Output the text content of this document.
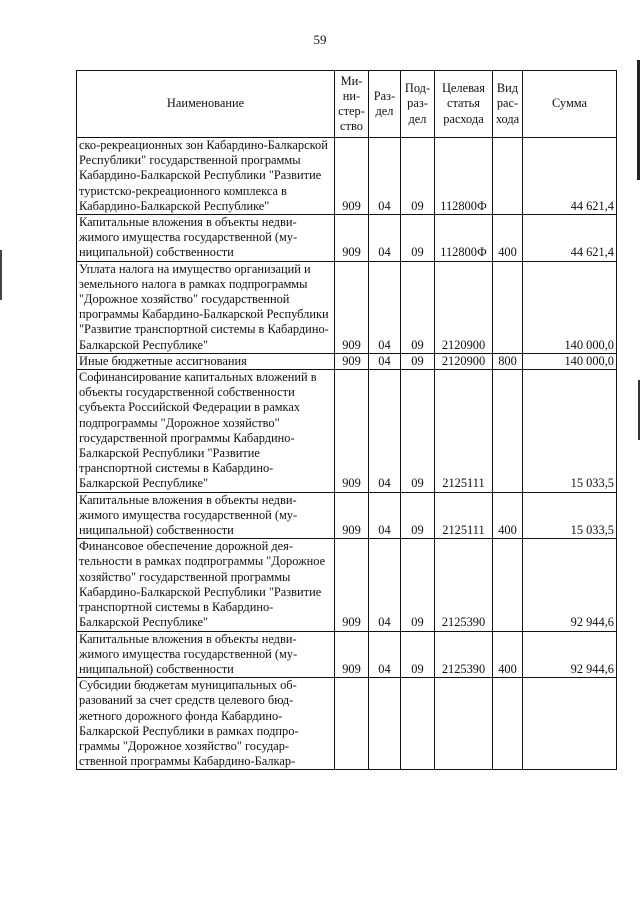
59
Наименование	Ми-
ни-
стер-
ство	Раз-
дел	Под-
раз-
дел	Целевая
статья
расхода	Вид
рас-
хода	Сумма
ско-рекреационных зон Кабардино-Балкарской Республики" государственной программы Кабардино-Балкарской Республики "Развитие туристско-рекреационного комплекса в Кабардино-Балкарской Республике"	909	04	09	112800Ф		44 621,4
Капитальные вложения в объекты недвижимого имущества государственной (муниципальной) собственности	909	04	09	112800Ф	400	44 621,4
Уплата налога на имущество организаций и земельного налога в рамках подпрограммы "Дорожное хозяйство" государственной программы Кабардино-Балкарской Республики "Развитие транспортной системы в Кабардино-Балкарской Республике"	909	04	09	2120900		140 000,0
Иные бюджетные ассигнования	909	04	09	2120900	800	140 000,0
Софинансирование капитальных вложений в объекты государственной собственности субъекта Российской Федерации в рамках подпрограммы "Дорожное хозяйство" государственной программы Кабардино-Балкарской Республики "Развитие транспортной системы в Кабардино-Балкарской Республике"	909	04	09	2125111		15 033,5
Капитальные вложения в объекты недвижимого имущества государственной (муниципальной) собственности	909	04	09	2125111	400	15 033,5
Финансовое обеспечение дорожной деятельности в рамках подпрограммы "Дорожное хозяйство" государственной программы Кабардино-Балкарской Республики "Развитие транспортной системы в Кабардино-Балкарской Республике"	909	04	09	2125390		92 944,6
Капитальные вложения в объекты недвижимого имущества государственной (муниципальной) собственности	909	04	09	2125390	400	92 944,6
Субсидии бюджетам муниципальных образований за счет средств целевого бюджетного дорожного фонда Кабардино-Балкарской Республики в рамках подпрограммы "Дорожное хозяйство" государственной программы Кабардино-Балкар-						
